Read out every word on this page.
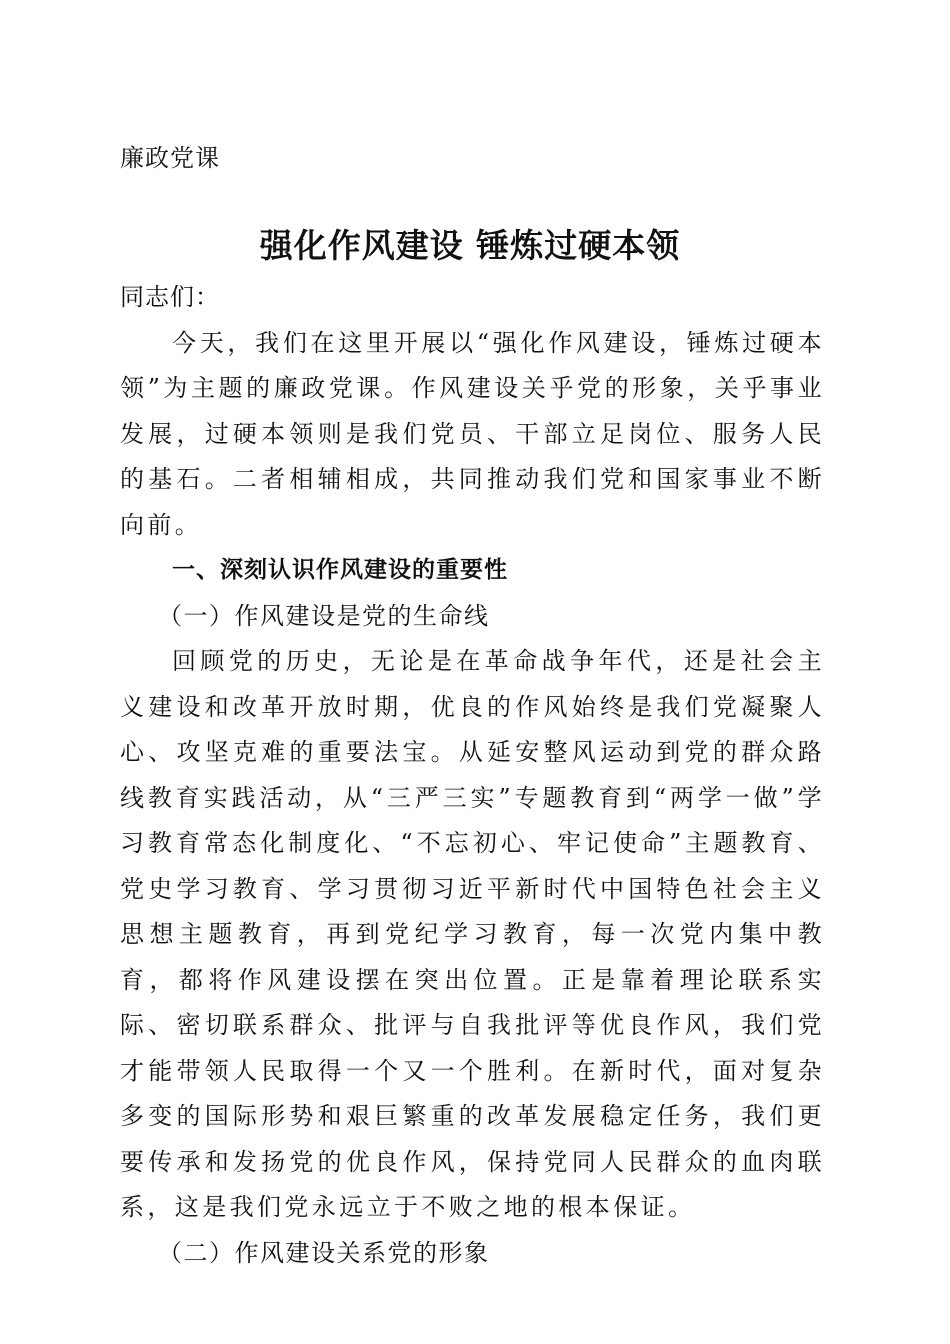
廉政党课
强化作风建设 锤炼过硬本领

同志们：

今天，我们在这里开展以“强化作风建设，锤炼过硬本领”为主题的廉政党课。作风建设关乎党的形象，关乎事业发展，过硬本领则是我们党员、干部立足岗位、服务人民的基石。二者相辅相成，共同推动我们党和国家事业不断向前。

一、深刻认识作风建设的重要性

（一）作风建设是党的生命线

回顾党的历史，无论是在革命战争年代，还是社会主义建设和改革开放时期，优良的作风始终是我们党凝聚人心、攻坚克难的重要法宝。从延安整风运动到党的群众路线教育实践活动，从“三严三实”专题教育到“两学一做”学习教育常态化制度化、“不忘初心、牢记使命”主题教育、党史学习教育、学习贯彻习近平新时代中国特色社会主义思想主题教育，再到党纪学习教育，每一次党内集中教育，都将作风建设摆在突出位置。正是靠着理论联系实际、密切联系群众、批评与自我批评等优良作风，我们党才能带领人民取得一个又一个胜利。在新时代，面对复杂多变的国际形势和艰巨繁重的改革发展稳定任务，我们更要传承和发扬党的优良作风，保持党同人民群众的血肉联系，这是我们党永远立于不败之地的根本保证。

（二）作风建设关系党的形象
